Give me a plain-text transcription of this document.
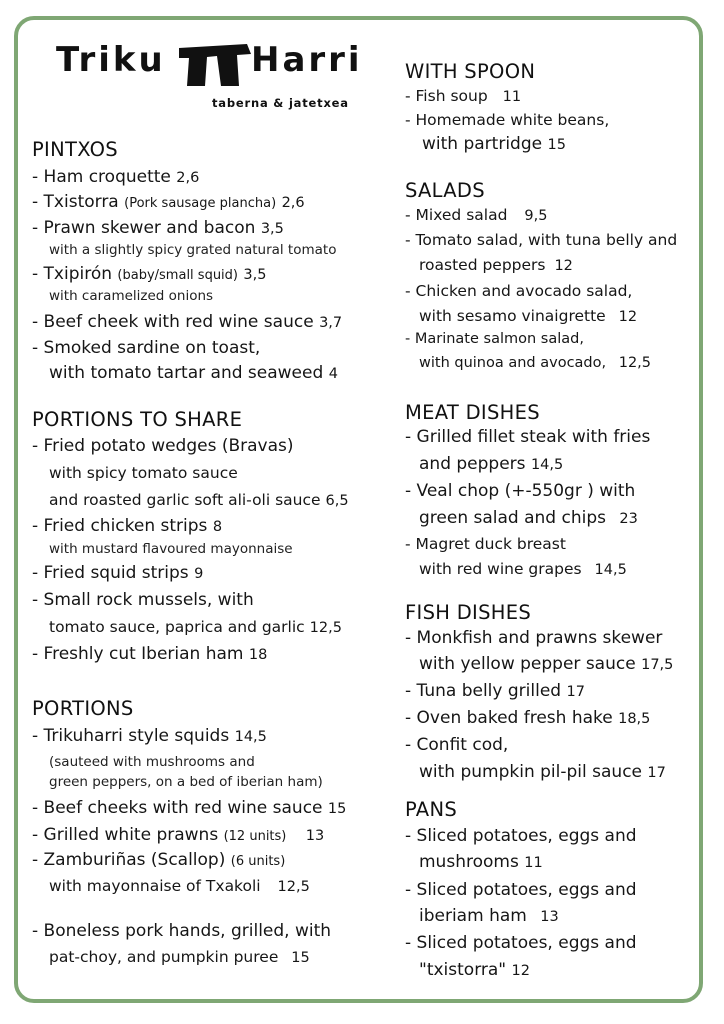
Triku	Harri
taberna & jatetxea
PINTXOS
- Ham croquette 2,6
- Txistorra (Pork sausage plancha) 2,6
- Prawn skewer and bacon 3,5
with a slightly spicy grated natural tomato
- Txipirón (baby/small squid) 3,5
with caramelized onions
- Beef cheek with red wine sauce 3,7
- Smoked sardine on toast,
with tomato tartar and seaweed 4
PORTIONS TO SHARE
- Fried potato wedges (Bravas)
with spicy tomato sauce
and roasted garlic soft ali-oli sauce 6,5
- Fried chicken strips 8
with mustard flavoured mayonnaise
- Fried squid strips 9
- Small rock mussels, with
tomato sauce, paprica and garlic 12,5
- Freshly cut Iberian ham 18
PORTIONS
- Trikuharri style squids 14,5
(sauteed with mushrooms and
green peppers, on a bed of iberian ham)
- Beef cheeks with red wine sauce 15
- Grilled white prawns (12 units) 13
- Zamburiñas (Scallop) (6 units)
with mayonnaise of Txakoli 12,5
- Boneless pork hands, grilled, with
pat-choy, and pumpkin puree 15
WITH SPOON
- Fish soup 11
- Homemade white beans,
with partridge 15
SALADS
- Mixed salad 9,5
- Tomato salad, with tuna belly and
roasted peppers 12
- Chicken and avocado salad,
with sesamo vinaigrette 12
- Marinate salmon salad,
with quinoa and avocado, 12,5
MEAT DISHES
- Grilled fillet steak with fries
and peppers 14,5
- Veal chop (+-550gr ) with
green salad and chips 23
- Magret duck breast
with red wine grapes 14,5
FISH DISHES
- Monkfish and prawns skewer
with yellow pepper sauce 17,5
- Tuna belly grilled 17
- Oven baked fresh hake 18,5
- Confit cod,
with pumpkin pil-pil sauce 17
PANS
- Sliced potatoes, eggs and
mushrooms 11
- Sliced potatoes, eggs and
iberiam ham 13
- Sliced potatoes, eggs and
"txistorra" 12
